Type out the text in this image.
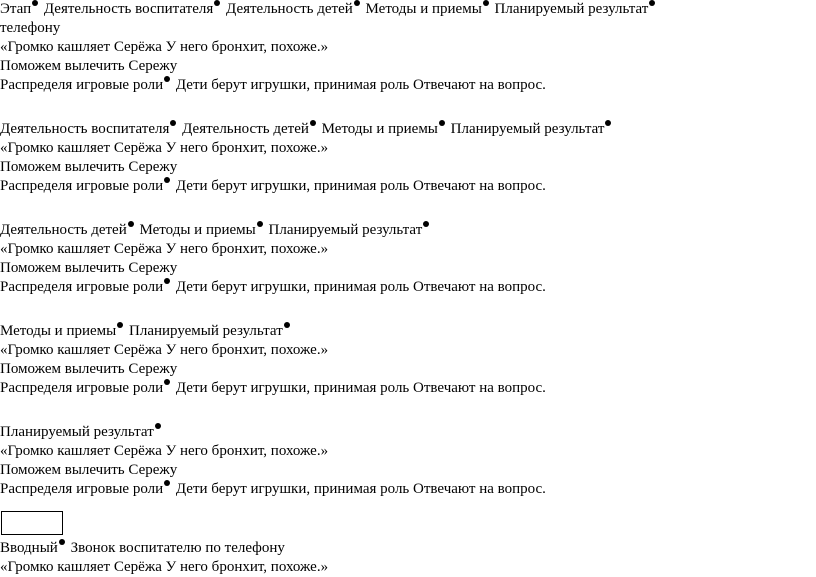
Этап Деятельность воспитателя Деятельность детей Методы и приемы Планируемый результат
телефону
«Громко кашляет Серёжа У него бронхит, похоже.»
Поможем вылечить Сережу
Распределя игровые роли Дети берут игрушки, принимая роль Отвечают на вопрос.
Деятельность воспитателя Деятельность детей Методы и приемы Планируемый результат
«Громко кашляет Серёжа У него бронхит, похоже.»
Поможем вылечить Сережу
Распределя игровые роли Дети берут игрушки, принимая роль Отвечают на вопрос.
Деятельность детей Методы и приемы Планируемый результат
«Громко кашляет Серёжа У него бронхит, похоже.»
Поможем вылечить Сережу
Распределя игровые роли Дети берут игрушки, принимая роль Отвечают на вопрос.
Методы и приемы Планируемый результат
«Громко кашляет Серёжа У него бронхит, похоже.»
Поможем вылечить Сережу
Распределя игровые роли Дети берут игрушки, принимая роль Отвечают на вопрос.
Планируемый результат
«Громко кашляет Серёжа У него бронхит, похоже.»
Поможем вылечить Сережу
Распределя игровые роли Дети берут игрушки, принимая роль Отвечают на вопрос.
Вводный Звонок воспитателю по телефону
«Громко кашляет Серёжа У него бронхит, похоже.»
